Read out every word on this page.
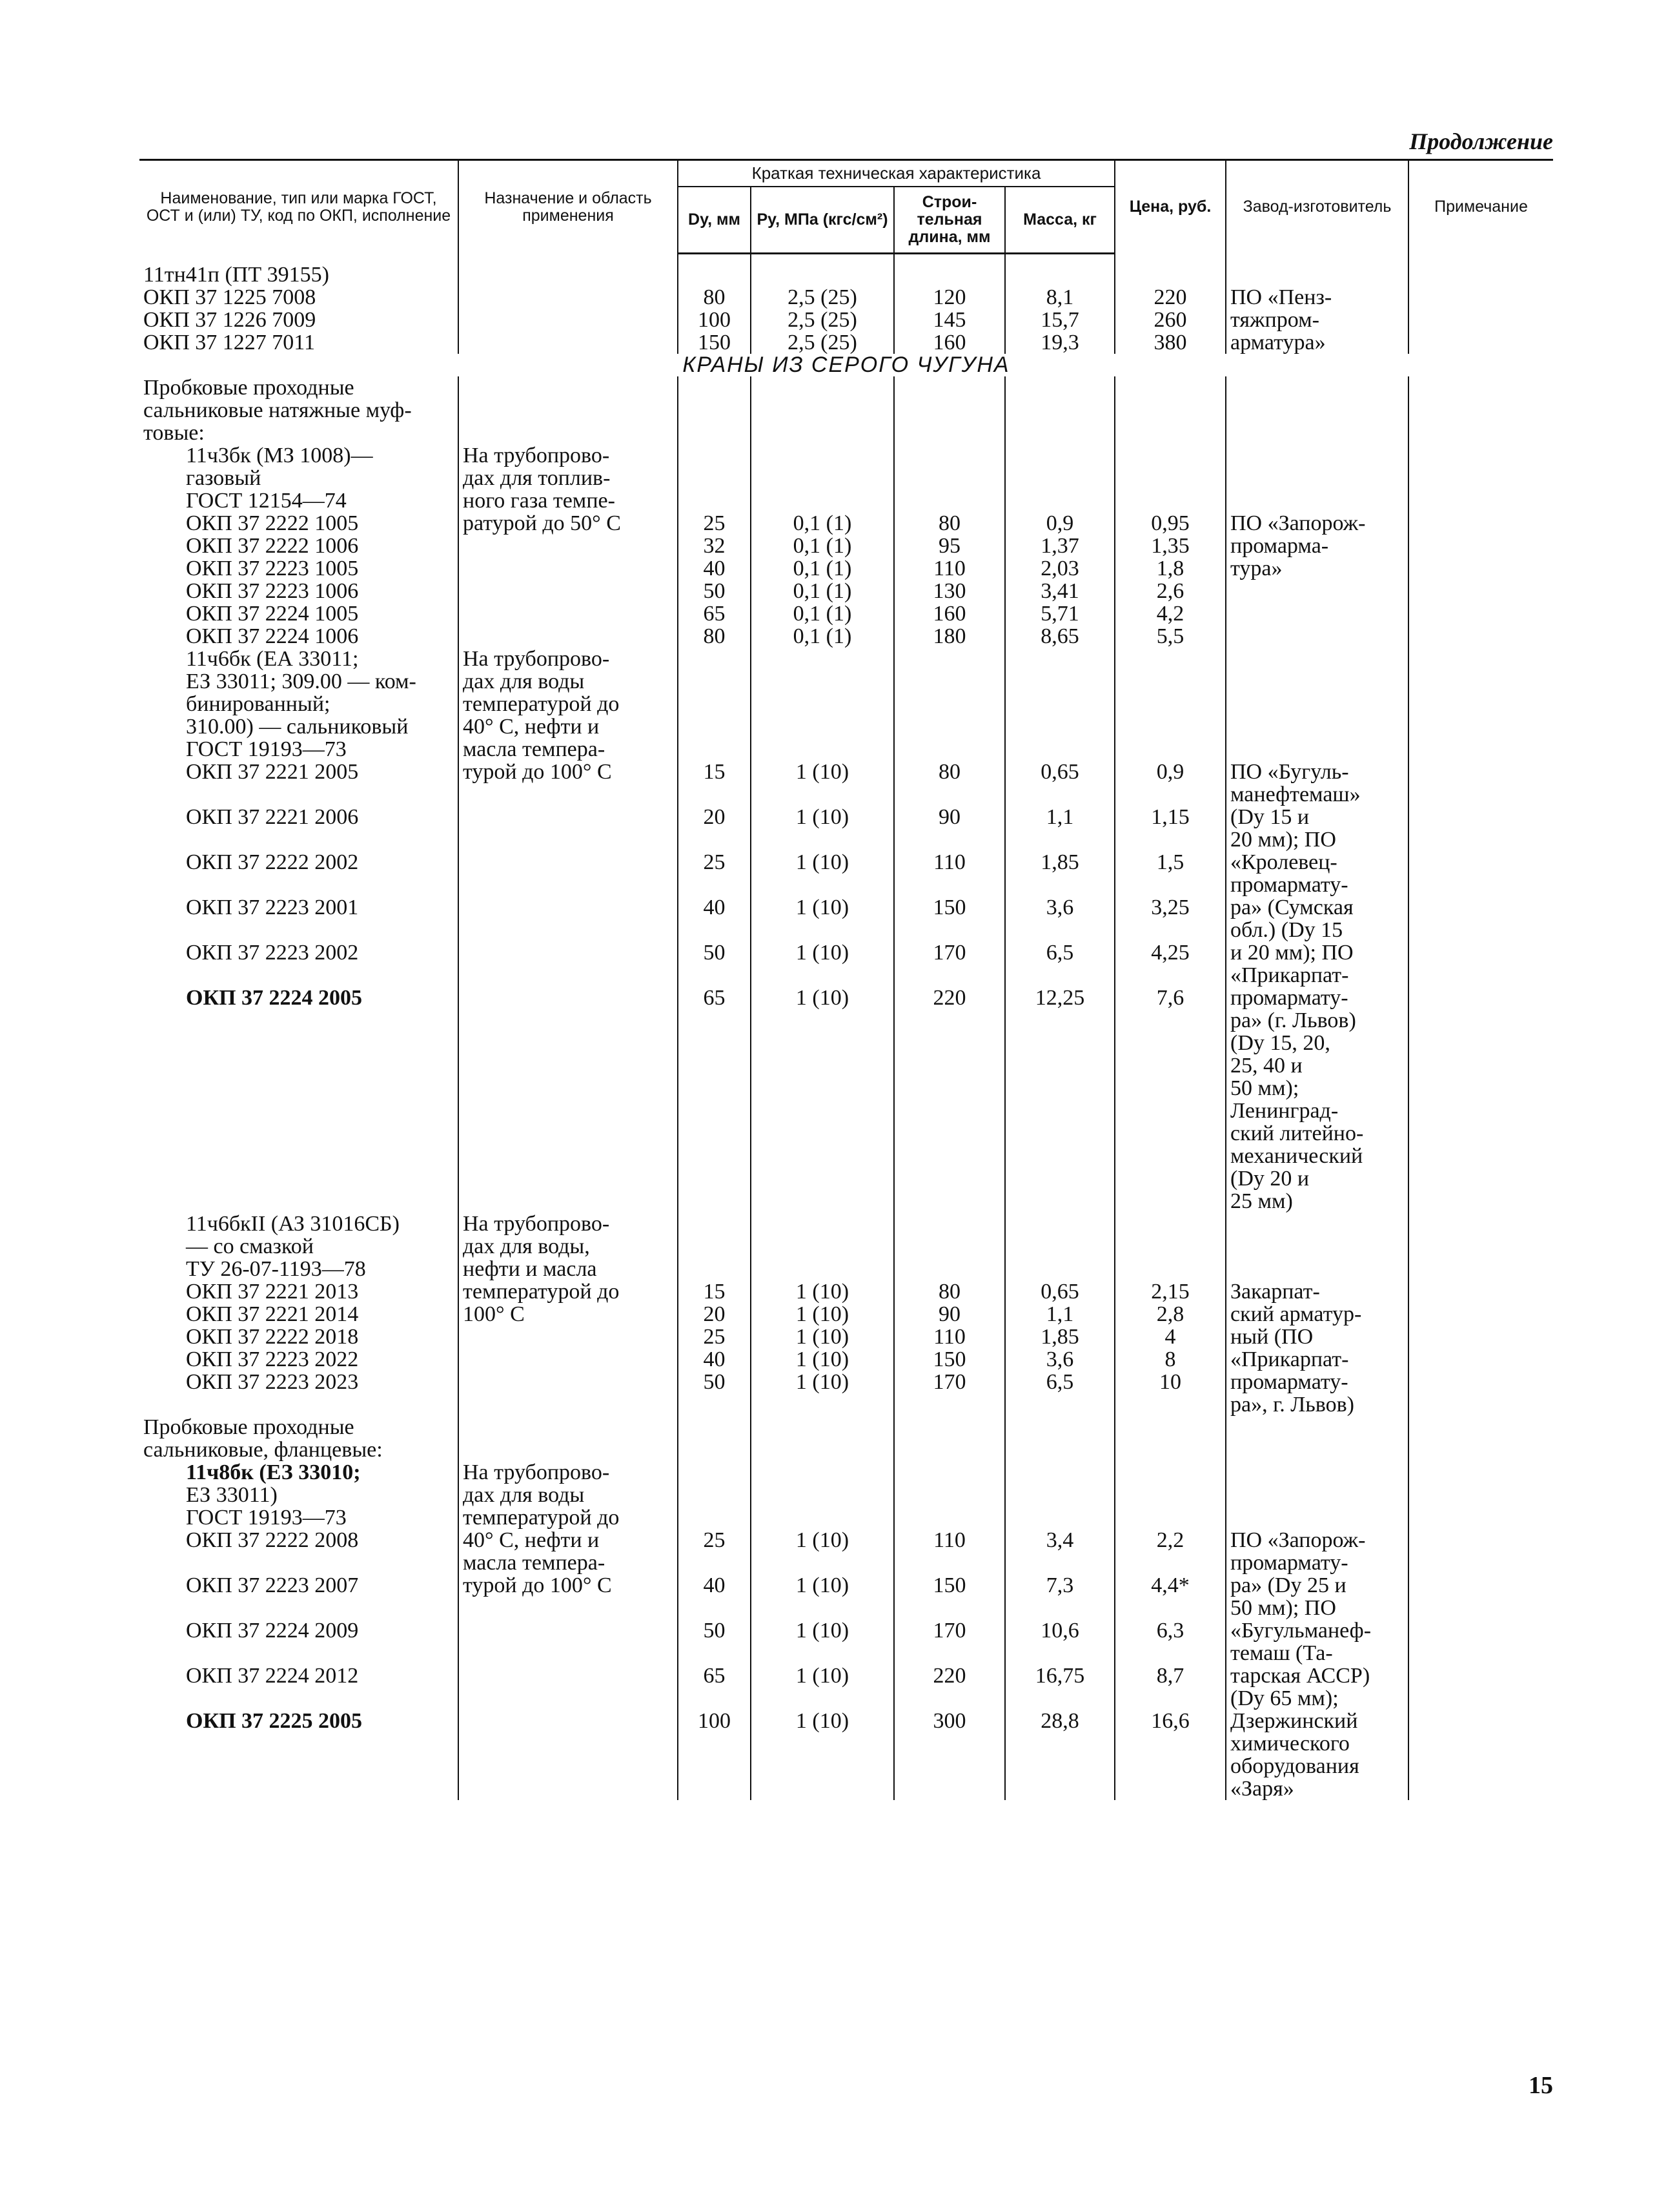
Продолжение
Наименование, тип или марка ГОСТ, ОСТ и (или) ТУ, код по ОКП, исполнение	Назначение и область применения	Краткая техническая характеристика				Цена, руб.	Завод-изготовитель	Примечание
		Dу, мм	Pу, МПа (кгс/см²)	Строительная длина, мм	Масса, кг			

11тн41п (ПТ 39155)								
ОКП 37 1225 7008		80	2,5 (25)	120	8,1	220	ПО «Пенз-	
ОКП 37 1226 7009		100	2,5 (25)	145	15,7	260	тяжпром-	
ОКП 37 1227 7011		150	2,5 (25)	160	19,3	380	арматура»	
КРАНЫ ИЗ СЕРОГО ЧУГУНА								
Пробковые проходные								
сальниковые натяжные муф-								
товые:								
11ч3бк (МЗ 1008)—	На трубопрово-							
газовый	дах для топлив-							
ГОСТ 12154—74	ного газа темпе-							
ОКП 37 2222 1005	ратурой до 50° С	25	0,1 (1)	80	0,9	0,95	ПО «Запорож-	
ОКП 37 2222 1006		32	0,1 (1)	95	1,37	1,35	промарма-	
ОКП 37 2223 1005		40	0,1 (1)	110	2,03	1,8	тура»	
ОКП 37 2223 1006		50	0,1 (1)	130	3,41	2,6		
ОКП 37 2224 1005		65	0,1 (1)	160	5,71	4,2		
ОКП 37 2224 1006		80	0,1 (1)	180	8,65	5,5		
11ч6бк (ЕА 33011;	На трубопрово-							
ЕЗ 33011; 309.00 — ком-	дах для воды							
бинированный;	температурой до							
310.00) — сальниковый	40° С, нефти и							
ГОСТ 19193—73	масла темпера-							
ОКП 37 2221 2005	турой до 100° С	15	1 (10)	80	0,65	0,9	ПО «Бугуль-	
							манефтемаш»	
ОКП 37 2221 2006		20	1 (10)	90	1,1	1,15	(Dу 15 и	
							20 мм); ПО	
ОКП 37 2222 2002		25	1 (10)	110	1,85	1,5	«Кролевец-	
							промармату-	
ОКП 37 2223 2001		40	1 (10)	150	3,6	3,25	ра» (Сумская	
							обл.) (Dу 15	
ОКП 37 2223 2002		50	1 (10)	170	6,5	4,25	и 20 мм); ПО	
							«Прикарпат-	
ОКП 37 2224 2005		65	1 (10)	220	12,25	7,6	промармату-	
							ра» (г. Львов)	
							(Dу 15, 20,	
							25, 40 и	
							50 мм);	
							Ленинград-	
							ский литейно-	
							механический	
							(Dу 20 и	
							25 мм)	
11ч6бкII (АЗ 31016СБ)	На трубопрово-							
— со смазкой	дах для воды,							
ТУ 26-07-1193—78	нефти и масла							
ОКП 37 2221 2013	температурой до	15	1 (10)	80	0,65	2,15	Закарпат-	
ОКП 37 2221 2014	100° С	20	1 (10)	90	1,1	2,8	ский арматур-	
ОКП 37 2222 2018		25	1 (10)	110	1,85	4	ный (ПО	
ОКП 37 2223 2022		40	1 (10)	150	3,6	8	«Прикарпат-	
ОКП 37 2223 2023		50	1 (10)	170	6,5	10	промармату-	
							ра», г. Львов)	
Пробковые проходные								
сальниковые, фланцевые:								
11ч8бк (ЕЗ 33010;	На трубопрово-							
ЕЗ 33011)	дах для воды							
ГОСТ 19193—73	температурой до							
ОКП 37 2222 2008	40° С, нефти и	25	1 (10)	110	3,4	2,2	ПО «Запорож-	
	масла темпера-						промармату-	
ОКП 37 2223 2007	турой до 100° С	40	1 (10)	150	7,3	4,4*	ра» (Dу 25 и	
							50 мм); ПО	
ОКП 37 2224 2009		50	1 (10)	170	10,6	6,3	«Бугульманеф-	
							темаш (Та-	
ОКП 37 2224 2012		65	1 (10)	220	16,75	8,7	тарская АССР)	
							(Dу 65 мм);	
ОКП 37 2225 2005		100	1 (10)	300	28,8	16,6	Дзержинский	
							химического	
							оборудования	
							«Заря»	
15
